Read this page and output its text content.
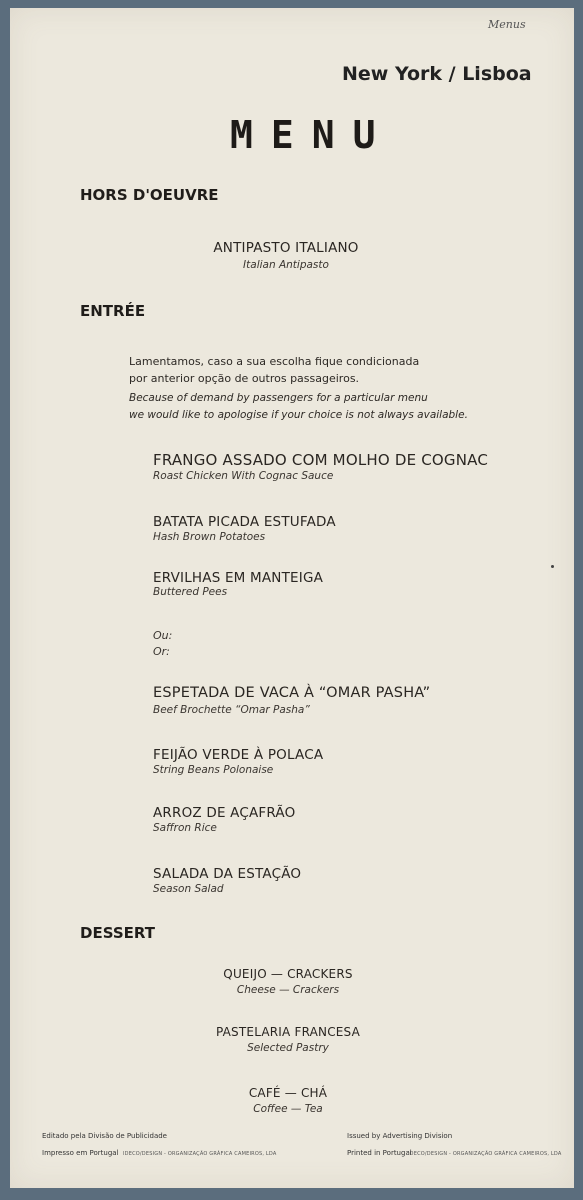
Menus
New York / Lisboa
MENU
HORS D'OEUVRE
ANTIPASTO ITALIANO
Italian Antipasto
ENTRÉE
Lamentamos, caso a sua escolha fique condicionada
por anterior opção de outros passageiros.
Because of demand by passengers for a particular menu
we would like to apologise if your choice is not always available.
FRANGO ASSADO COM MOLHO DE COGNAC
Roast Chicken With Cognac Sauce
BATATA PICADA ESTUFADA
Hash Brown Potatoes
ERVILHAS EM MANTEIGA
Buttered Pees
Ou:
Or:
ESPETADA DE VACA À “OMAR PASHA”
Beef Brochette “Omar Pasha”
FEIJÃO VERDE À POLACA
String Beans Polonaise
ARROZ DE AÇAFRÃO
Saffron Rice
SALADA DA ESTAÇÃO
Season Salad
DESSERT
QUEIJO — CRACKERS
Cheese — Crackers
PASTELARIA FRANCESA
Selected Pastry
CAFÉ — CHÁ
Coffee — Tea
Editado pela Divisão de Publicidade
Impresso em Portugal IDECO/DESIGN - ORGANIZAÇÃO GRÁFICA CAMEIROS, LDA
Issued by Advertising Division
Printed in Portugal
IDECO/DESIGN - ORGANIZAÇÃO GRÁFICA CAMEIROS, LDA
